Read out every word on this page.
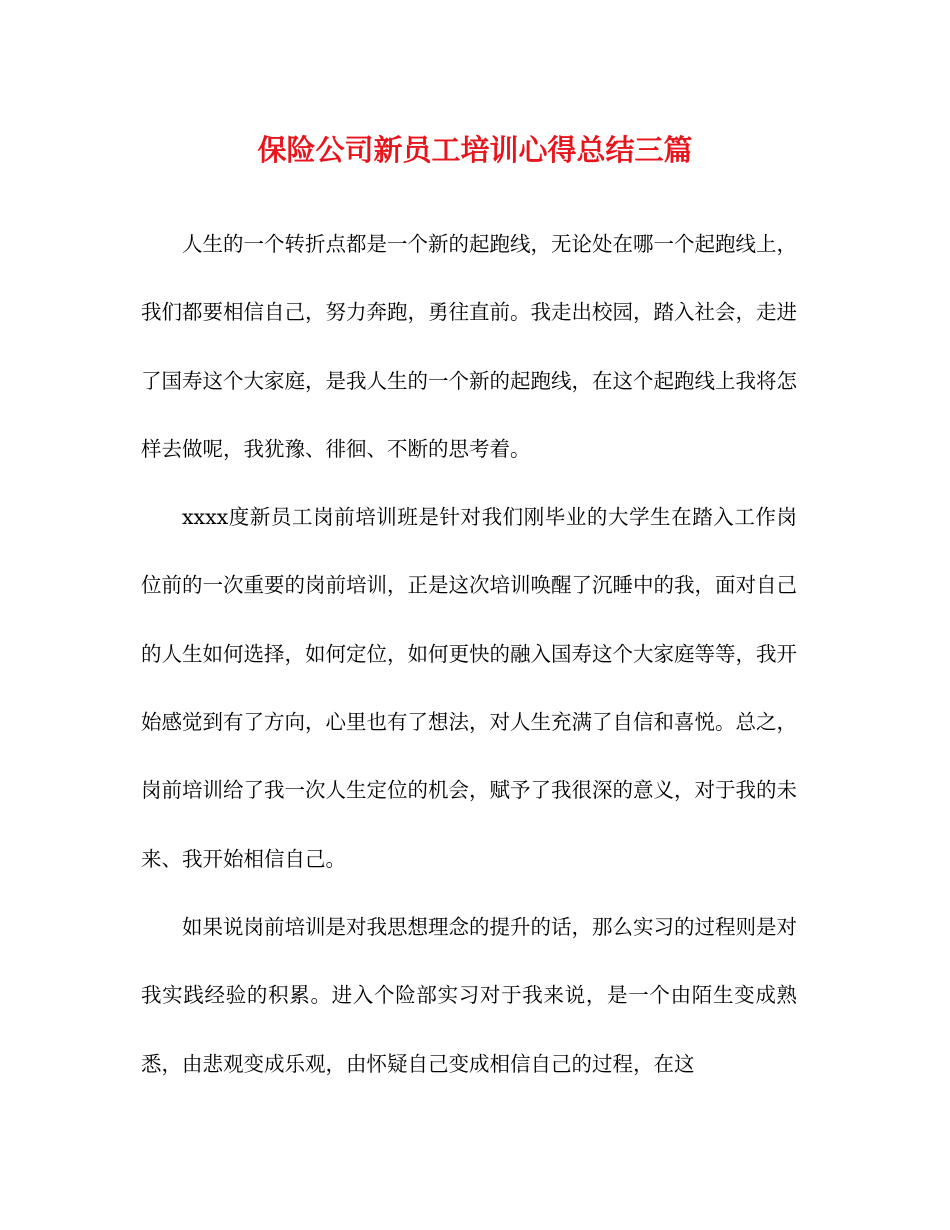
保险公司新员工培训心得总结三篇

人生的一个转折点都是一个新的起跑线，无论处在哪一个起跑线上，我们都要相信自己，努力奔跑，勇往直前。我走出校园，踏入社会，走进了国寿这个大家庭，是我人生的一个新的起跑线，在这个起跑线上我将怎样去做呢，我犹豫、徘徊、不断的思考着。

xxxx度新员工岗前培训班是针对我们刚毕业的大学生在踏入工作岗位前的一次重要的岗前培训，正是这次培训唤醒了沉睡中的我，面对自己的人生如何选择，如何定位，如何更快的融入国寿这个大家庭等等，我开始感觉到有了方向，心里也有了想法，对人生充满了自信和喜悦。总之，岗前培训给了我一次人生定位的机会，赋予了我很深的意义，对于我的未来、我开始相信自己。

如果说岗前培训是对我思想理念的提升的话，那么实习的过程则是对我实践经验的积累。进入个险部实习对于我来说，是一个由陌生变成熟悉，由悲观变成乐观，由怀疑自己变成相信自己的过程，在这
